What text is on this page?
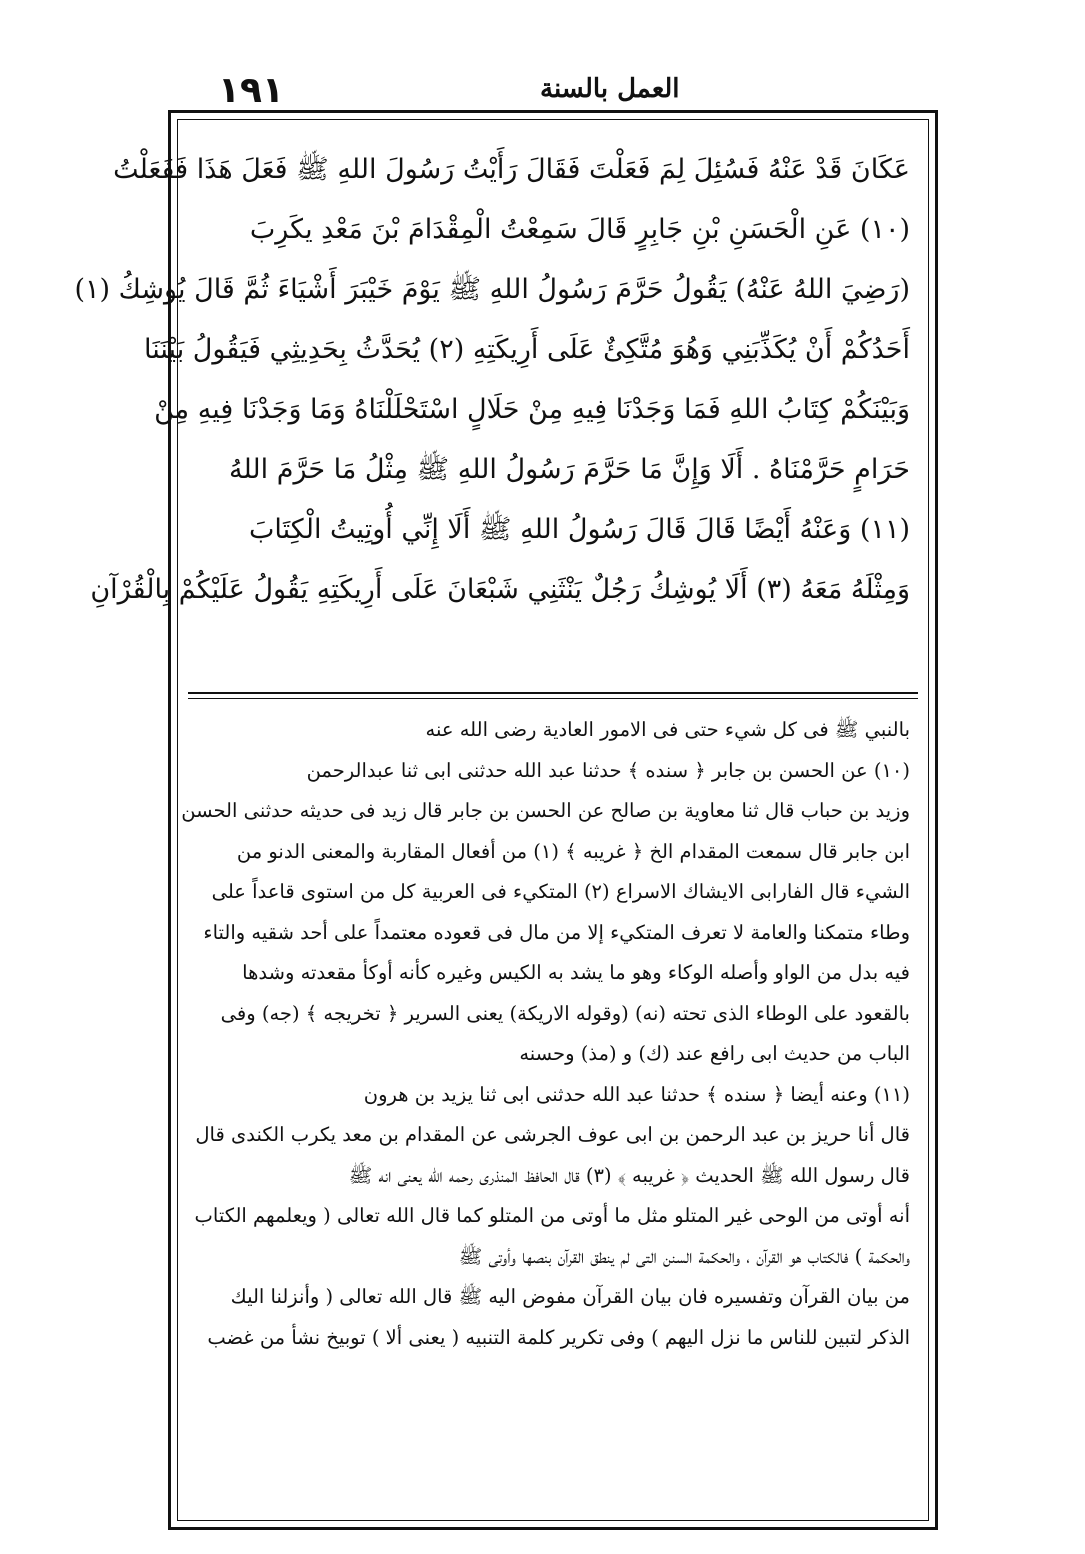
١٩١	العمل بالسنة
عَكَانَ قَدْ عَنْهُ فَسُئِلَ لِمَ فَعَلْتَ فَقَالَ رَأَيْتُ رَسُولَ اللهِ ﷺ فَعَلَ هَذَا فَفَعَلْتُ
(١٠) عَنِ الْحَسَنِ بْنِ جَابِرٍ قَالَ سَمِعْتُ الْمِقْدَامَ بْنَ مَعْدِ يكَرِبَ
(رَضِيَ اللهُ عَنْهُ) يَقُولُ حَرَّمَ رَسُولُ اللهِ ﷺ يَوْمَ خَيْبَرَ أَشْيَاءَ ثُمَّ قَالَ يُوشِكُ (١)
أَحَدُكُمْ أَنْ يُكَذِّبَنِي وَهُوَ مُتَّكِئٌ عَلَى أَرِيكَتِهِ (٢) يُحَدَّثُ بِحَدِيثِي فَيَقُولُ بَيْنَنَا
وَبَيْنَكُمْ كِتَابُ اللهِ فَمَا وَجَدْنَا فِيهِ مِنْ حَلَالٍ اسْتَحْلَلْنَاهُ وَمَا وَجَدْنَا فِيهِ مِنْ
حَرَامٍ حَرَّمْنَاهُ . أَلَا وَإِنَّ مَا حَرَّمَ رَسُولُ اللهِ ﷺ مِثْلُ مَا حَرَّمَ اللهُ
(١١) وَعَنْهُ أَيْضًا قَالَ قَالَ رَسُولُ اللهِ ﷺ أَلَا إِنِّي أُوتِيتُ الْكِتَابَ
وَمِثْلَهُ مَعَهُ (٣) أَلَا يُوشِكُ رَجُلٌ يَنْثَنِي شَبْعَانَ عَلَى أَرِيكَتِهِ يَقُولُ عَلَيْكُمْ بِالْقُرْآنِ
بالنبي ﷺ فى كل شيء حتى فى الامور العادية رضى الله عنه
(١٠) عن الحسن بن جابر ﴿ سنده ﴾ حدثنا عبد الله حدثنى ابى ثنا عبدالرحمن
وزيد بن حباب قال ثنا معاوية بن صالح عن الحسن بن جابر قال زيد فى حديثه حدثنى الحسن
ابن جابر قال سمعت المقدام الخ ﴿ غريبه ﴾ (١) من أفعال المقاربة والمعنى الدنو من
الشيء قال الفارابى الايشاك الاسراع (٢) المتكيء فى العربية كل من استوى قاعداً على
وطاء متمكنا والعامة لا تعرف المتكيء إلا من مال فى قعوده معتمداً على أحد شقيه والتاء
فيه بدل من الواو وأصله الوكاء وهو ما يشد به الكيس وغيره كأنه أوكأ مقعدته وشدها
بالقعود على الوطاء الذى تحته (نه) (وقوله الاريكة) يعنى السرير ﴿ تخريجه ﴾ (جه) وفى
الباب من حديث ابى رافع عند (ك) و (مذ) وحسنه
(١١) وعنه أيضا ﴿ سنده ﴾ حدثنا عبد الله حدثنى ابى ثنا يزيد بن هرون
قال أنا حريز بن عبد الرحمن بن ابى عوف الجرشى عن المقدام بن معد يكرب الكندى قال
قال رسول الله ﷺ الحديث ﴿ غريبه ﴾ (٣) قال الحافظ المنذرى رحمه الله يعنى انه ﷺ
أنه أوتى من الوحى غير المتلو مثل ما أوتى من المتلو كما قال الله تعالى ( ويعلمهم الكتاب
والحكمة ) فالكتاب هو القرآن ، والحكمة السنن التى لم ينطق القرآن بنصها وأوتى ﷺ
من بيان القرآن وتفسيره فان بيان القرآن مفوض اليه ﷺ قال الله تعالى ( وأنزلنا اليك
الذكر لتبين للناس ما نزل اليهم ) وفى تكرير كلمة التنبيه ( يعنى ألا ) توبيخ نشأ من غضب
